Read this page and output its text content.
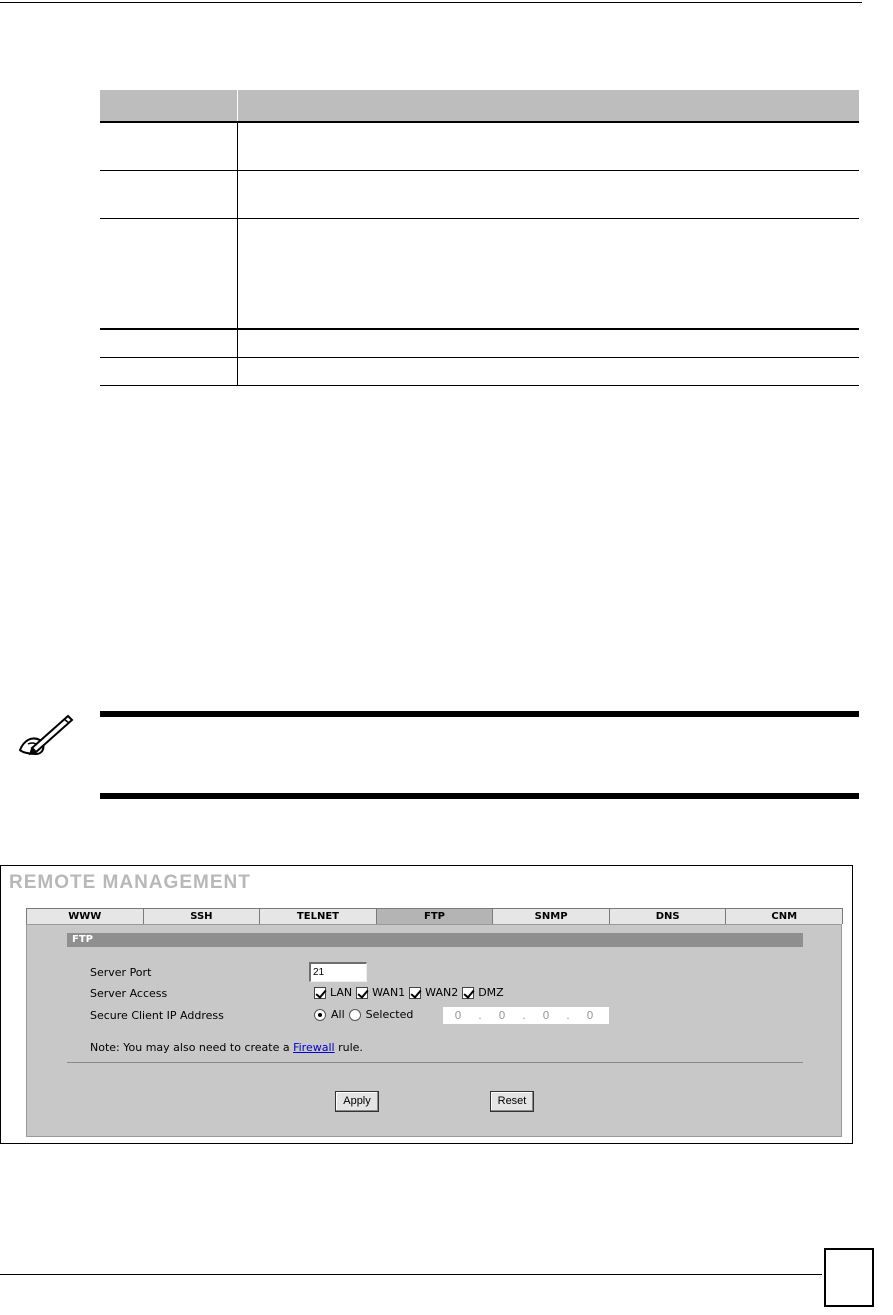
REMOTE MANAGEMENT
WWW	SSH	TELNET	FTP	SNMP	DNS	CNM
FTP
Server Port	21
Server Access	LAN WAN1 WAN2 DMZ
Secure Client IP Address	All Selected	0	.	0	.	0	.	0
Note: You may also need to create a Firewall rule.
Apply	Reset
